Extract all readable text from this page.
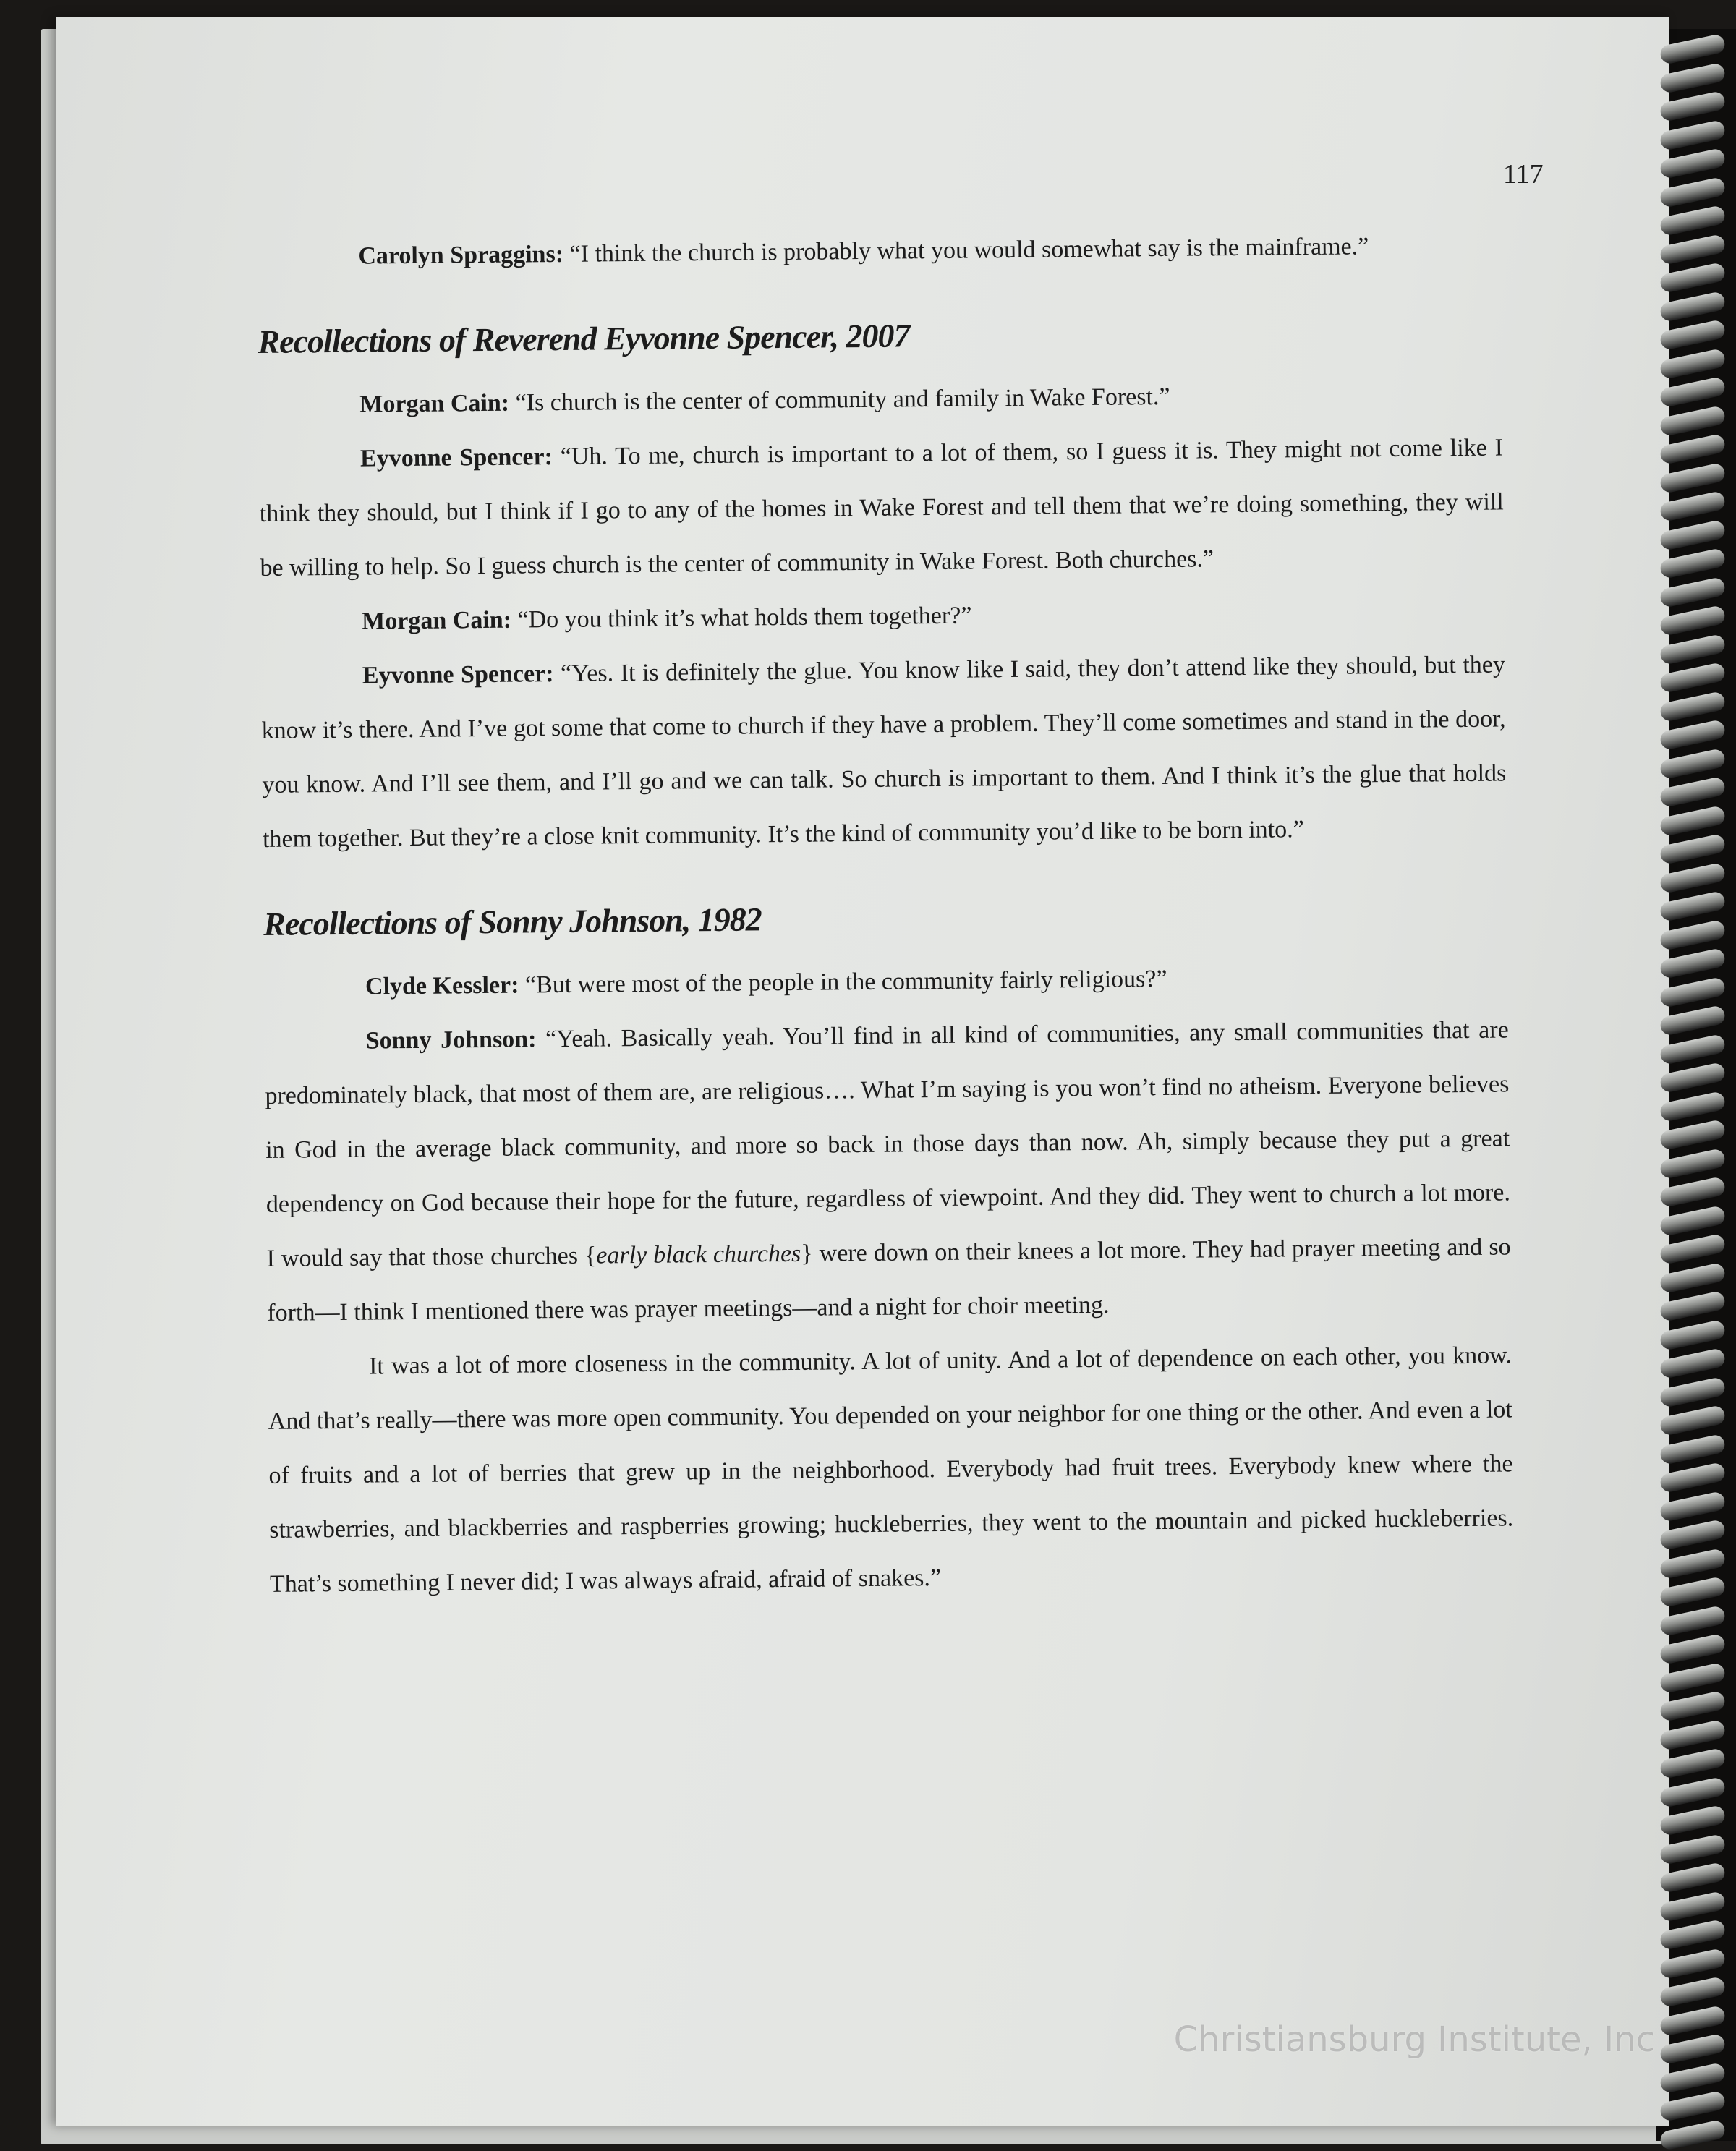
117

Carolyn Spraggins: “I think the church is probably what you would somewhat say is the mainframe.”

Recollections of Reverend Eyvonne Spencer, 2007

Morgan Cain: “Is church is the center of community and family in Wake Forest.”

Eyvonne Spencer: “Uh. To me, church is important to a lot of them, so I guess it is. They might not come like I think they should, but I think if I go to any of the homes in Wake Forest and tell them that we’re doing something, they will be willing to help. So I guess church is the center of community in Wake Forest. Both churches.”

Morgan Cain: “Do you think it’s what holds them together?”

Eyvonne Spencer: “Yes. It is definitely the glue. You know like I said, they don’t attend like they should, but they know it’s there. And I’ve got some that come to church if they have a problem. They’ll come sometimes and stand in the door, you know. And I’ll see them, and I’ll go and we can talk. So church is important to them. And I think it’s the glue that holds them together. But they’re a close knit community. It’s the kind of community you’d like to be born into.”

Recollections of Sonny Johnson, 1982

Clyde Kessler: “But were most of the people in the community fairly religious?”

Sonny Johnson: “Yeah. Basically yeah. You’ll find in all kind of communities, any small communities that are predominately black, that most of them are, are religious…. What I’m saying is you won’t find no atheism. Everyone believes in God in the average black community, and more so back in those days than now. Ah, simply because they put a great dependency on God because their hope for the future, regardless of viewpoint. And they did. They went to church a lot more. I would say that those churches {early black churches} were down on their knees a lot more. They had prayer meeting and so forth—I think I mentioned there was prayer meetings—and a night for choir meeting.

It was a lot of more closeness in the community. A lot of unity. And a lot of dependence on each other, you know. And that’s really—there was more open community. You depended on your neighbor for one thing or the other. And even a lot of fruits and a lot of berries that grew up in the neighborhood. Everybody had fruit trees. Everybody knew where the strawberries, and blackberries and raspberries growing; huckleberries, they went to the mountain and picked huckleberries. That’s something I never did; I was always afraid, afraid of snakes.”

Christiansburg Institute, Inc
